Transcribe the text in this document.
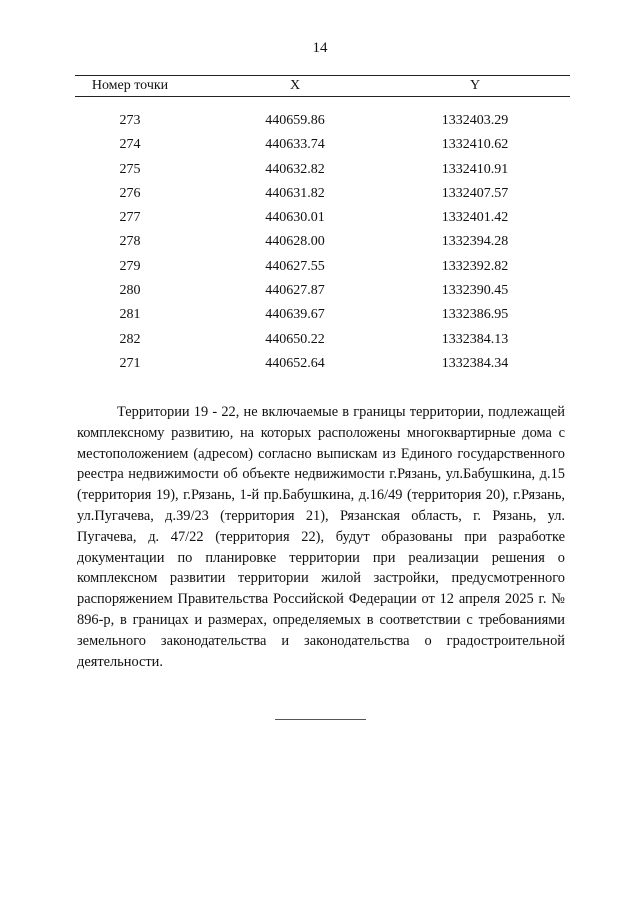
14
Номер точки	X	Y
273	440659.86	1332403.29
274	440633.74	1332410.62
275	440632.82	1332410.91
276	440631.82	1332407.57
277	440630.01	1332401.42
278	440628.00	1332394.28
279	440627.55	1332392.82
280	440627.87	1332390.45
281	440639.67	1332386.95
282	440650.22	1332384.13
271	440652.64	1332384.34

Территории 19 - 22, не включаемые в границы территории, подлежащей комплексному развитию, на которых расположены многоквартирные дома с местоположением (адресом) согласно выпискам из Единого государственного реестра недвижимости об объекте недвижимости г.Рязань, ул.Бабушкина, д.15 (территория 19), г.Рязань, 1-й пр.Бабушкина, д.16/49 (территория 20), г.Рязань, ул.Пугачева, д.39/23 (территория 21), Рязанская область, г. Рязань, ул. Пугачева, д. 47/22 (территория 22), будут образованы при разработке документации по планировке территории при реализации решения о комплексном развитии территории жилой застройки, предусмотренного распоряжением Правительства Российской Федерации от 12 апреля 2025 г. № 896-р, в границах и размерах, определяемых в соответствии с требованиями земельного законодательства и законодательства о градостроительной деятельности.
